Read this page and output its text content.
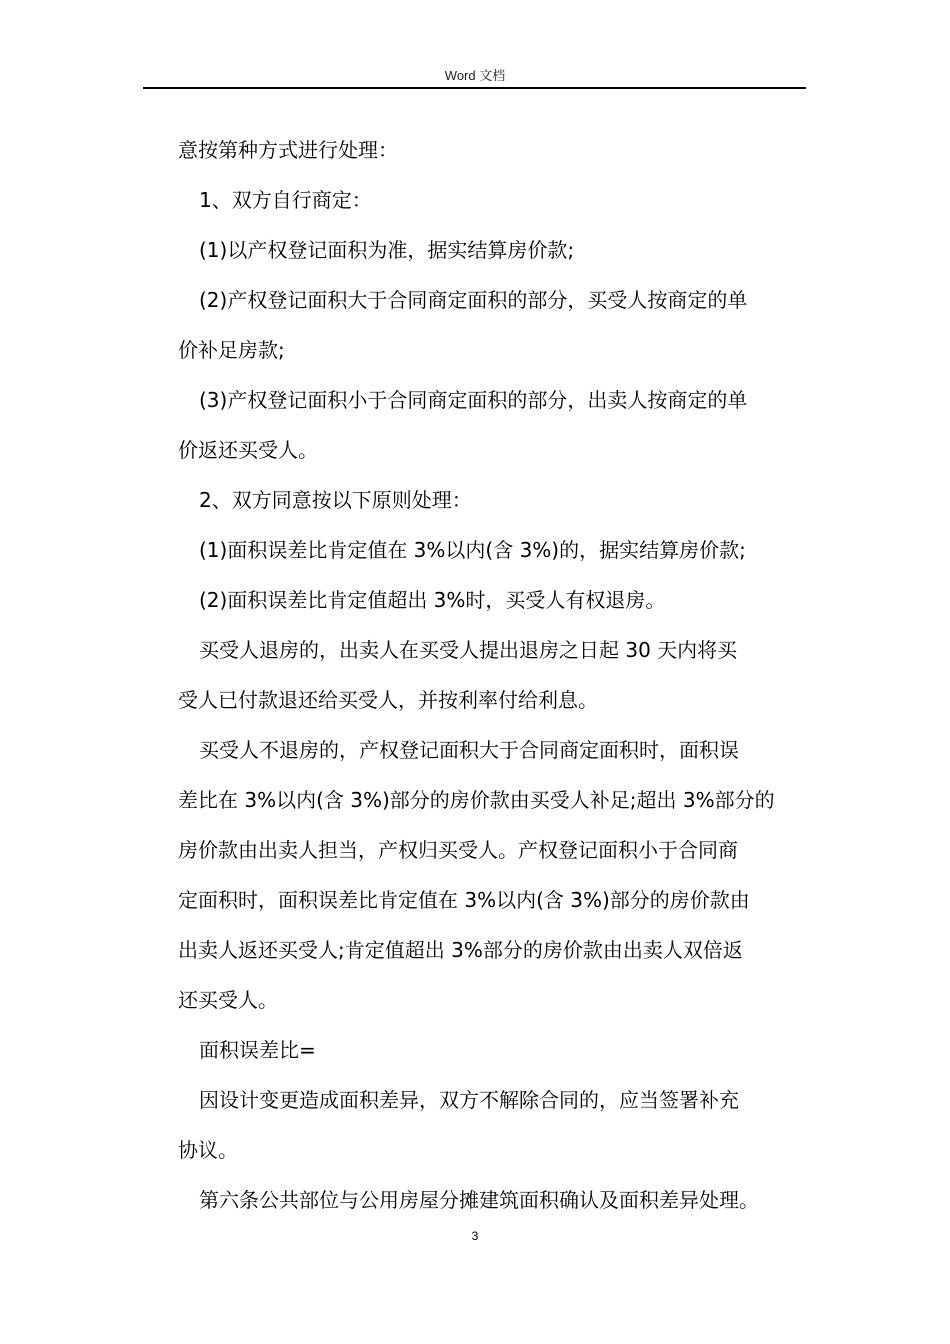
Word 文档
意按第种方式进行处理：
1、双方自行商定：
(1)以产权登记面积为准，据实结算房价款;
(2)产权登记面积大于合同商定面积的部分，买受人按商定的单
价补足房款;
(3)产权登记面积小于合同商定面积的部分，出卖人按商定的单
价返还买受人。
2、双方同意按以下原则处理：
(1)面积误差比肯定值在 3%以内(含 3%)的，据实结算房价款;
(2)面积误差比肯定值超出 3%时，买受人有权退房。
买受人退房的，出卖人在买受人提出退房之日起 30 天内将买
受人已付款退还给买受人，并按利率付给利息。
买受人不退房的，产权登记面积大于合同商定面积时，面积误
差比在 3%以内(含 3%)部分的房价款由买受人补足;超出 3%部分的
房价款由出卖人担当，产权归买受人。产权登记面积小于合同商
定面积时，面积误差比肯定值在 3%以内(含 3%)部分的房价款由
出卖人返还买受人;肯定值超出 3%部分的房价款由出卖人双倍返
还买受人。
面积误差比=
因设计变更造成面积差异，双方不解除合同的，应当签署补充
协议。
第六条公共部位与公用房屋分摊建筑面积确认及面积差异处理。
3
